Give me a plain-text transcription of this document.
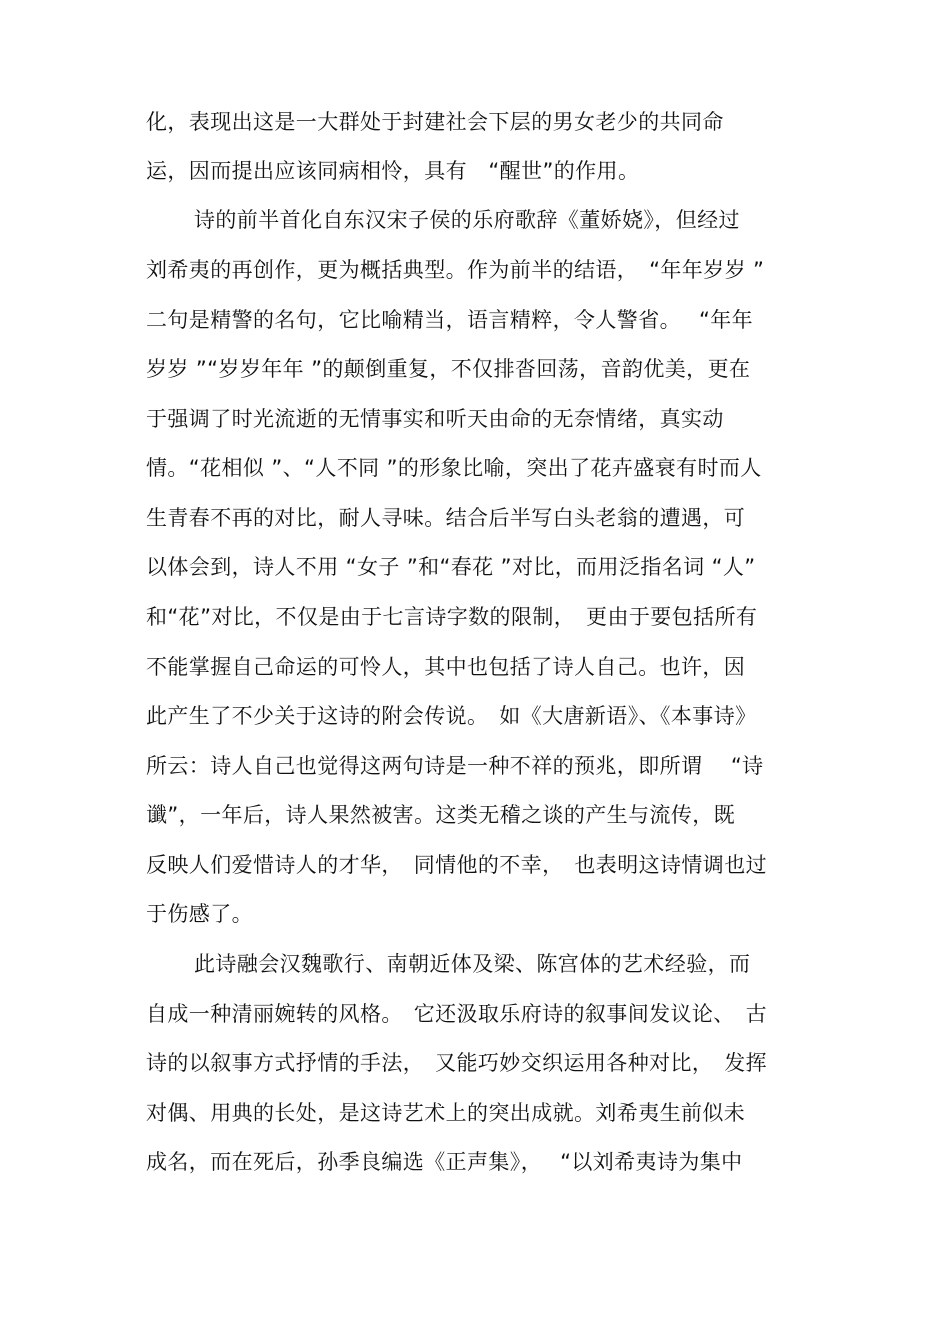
化，表现出这是一大群处于封建社会下层的男女老少的共同命
运，因而提出应该同病相怜，具有　“醒世”的作用。
诗的前半首化自东汉宋子侯的乐府歌辞《董娇娆》，但经过
刘希夷的再创作，更为概括典型。作为前半的结语，　“年年岁岁 ”
二句是精警的名句，它比喻精当，语言精粹，令人警省。　 “年年
岁岁 ”“岁岁年年 ”的颠倒重复，不仅排沓回荡，音韵优美，更在
于强调了时光流逝的无情事实和听天由命的无奈情绪，真实动
情。“花相似 ”、“人不同 ”的形象比喻，突出了花卉盛衰有时而人
生青春不再的对比，耐人寻味。结合后半写白头老翁的遭遇，可
以体会到，诗人不用 “女子 ”和“春花 ”对比，而用泛指名词 “人”
和“花”对比，不仅是由于七言诗字数的限制，　更由于要包括所有
不能掌握自己命运的可怜人，其中也包括了诗人自己。也许，因
此产生了不少关于这诗的附会传说。　如《大唐新语》、《本事诗》
所云：诗人自己也觉得这两句诗是一种不祥的预兆，即所谓　 “诗
谶”，一年后，诗人果然被害。这类无稽之谈的产生与流传，既
反映人们爱惜诗人的才华，　同情他的不幸，　也表明这诗情调也过
于伤感了。
此诗融会汉魏歌行、南朝近体及梁、陈宫体的艺术经验，而
自成一种清丽婉转的风格。　它还汲取乐府诗的叙事间发议论、　古
诗的以叙事方式抒情的手法，　又能巧妙交织运用各种对比，　发挥
对偶、用典的长处，是这诗艺术上的突出成就。刘希夷生前似未
成名，而在死后，孙季良编选《正声集》，　 “以刘希夷诗为集中
